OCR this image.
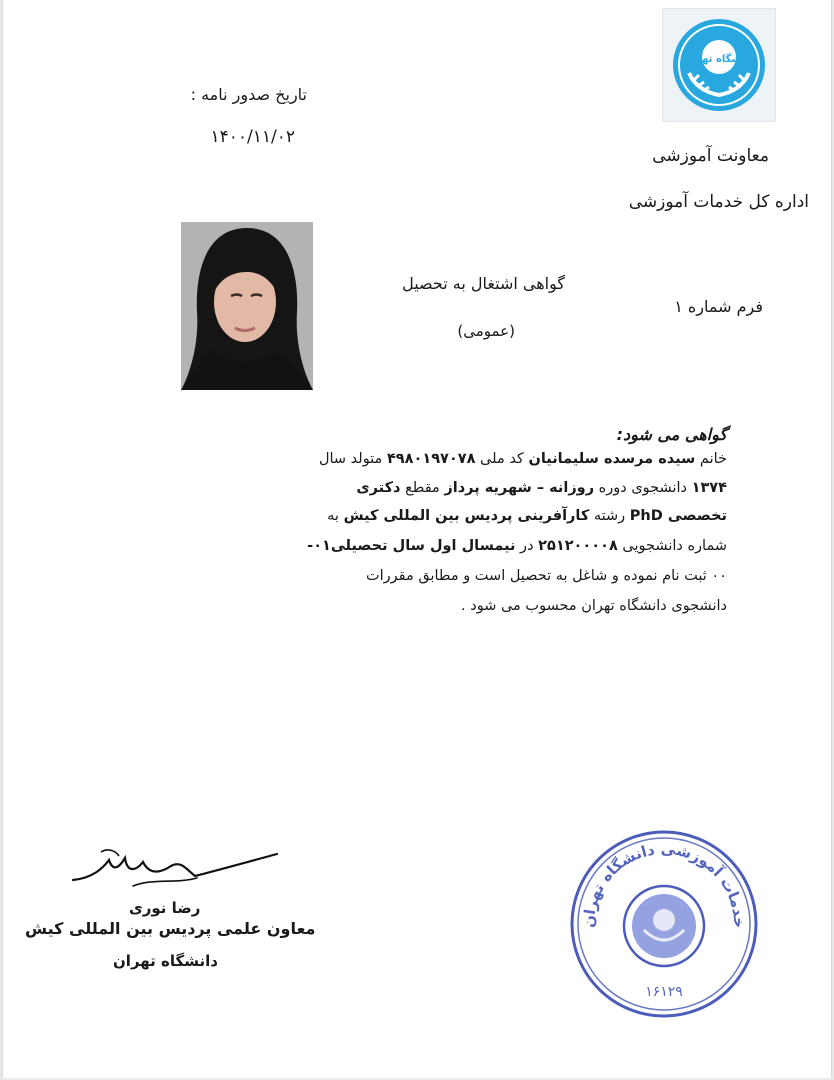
دانشگاه تهران
تاریخ صدور نامه :
۱۴۰۰/۱۱/۰۲
معاونت آموزشی
اداره کل خدمات آموزشی
گواهی اشتغال به تحصیل
(عمومی)
فرم شماره ۱
گواهی می شود:
خانم سیده مرسده سلیمانیان کد ملی ۴۹۸۰۱۹۷۰۷۸ متولد سال
۱۳۷۴ دانشجوی دوره روزانه – شهریه پرداز مقطع دکتری
تخصصی PhD رشته کارآفرینی پردیس بین المللی کیش به
شماره دانشجویی ۲۵۱۲۰۰۰۰۸ در نیمسال اول سال تحصیلی۰۱-
۰۰ ثبت نام نموده و شاغل به تحصیل است و مطابق مقررات
دانشجوی دانشگاه تهران محسوب می شود .
رضا نوری
معاون علمی پردیس بین المللی کیش
دانشگاه تهران
خدمات آموزشی دانشگاه تهران
۱۶۱۲۹
